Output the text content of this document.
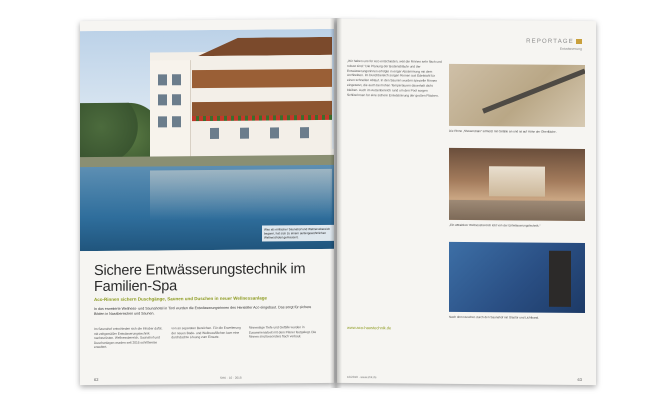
Was als einfacher Saunahof und Wellnessbereich begann, hat sich zu einem außergewöhnlichen Wellnesshotel gemausert.
Sichere Entwässerungstechnik im Familien-Spa
Aco-Rinnen sichern Duschgänge, Saunen und Duschen in neuer Wellnessanlage
In das erweiterte Wellness- und Saunahotel in Tirol wurden die Entwässerungsrinnen des Hersteller Aco eingebaut. Das sorgt für sichere Böden in Nassbereichen und Saunen.
Im Saunahof entschieden sich die Inhaber dafür, mit zeitgemäßer Entwässerungstechnik nachzurüsten. Wellnessbereich, Saunahof und Duschanlagen wurden seit 2016 schrittweise erweitert.
von an separaten Bereichen. Für die Erweiterung der neuen Bade- und Wellnessflächen kam eine durchdachte Lösung zum Einsatz.
Rinnenlage Tiefe und Gefälle wurden in Zusammenarbeit mit dem Planer festgelegt. Die Rinnen sind besonders flach verbaut.
62	SHK · 10 · 2018
REPORTAGE
Entwässerung
„Wir haben uns für Aco entschieden, weil die Rinnen sehr flach und robust sind.“ Die Planung der Bodenabläufe und der Entwässerungsrinnen erfolgte in enger Abstimmung mit dem Architekten. Im Duschbereich sorgen Rinnen aus Edelstahl für einen schnellen Ablauf. In den Saunen wurden spezielle Rinnen eingesetzt, die auch bei hohen Temperaturen dauerhaft dicht bleiben. Auch im Außenbereich rund um den Pool sorgen Schlitzrinnen für eine sichere Entwässerung der großen Flächen.
www.aco-haustechnik.de
Die Rinne „Showerdrain“ schließt mit Gefälle an und ist auf Höhe der Oberfläche.
„Ein attraktiver Wellnessbereich lebt von der Entwässerungstechnik.“
Nach dem Duschen durch den Saunahof mit Glastür und Lichtband.
10/2018 · www.shk.de	63
